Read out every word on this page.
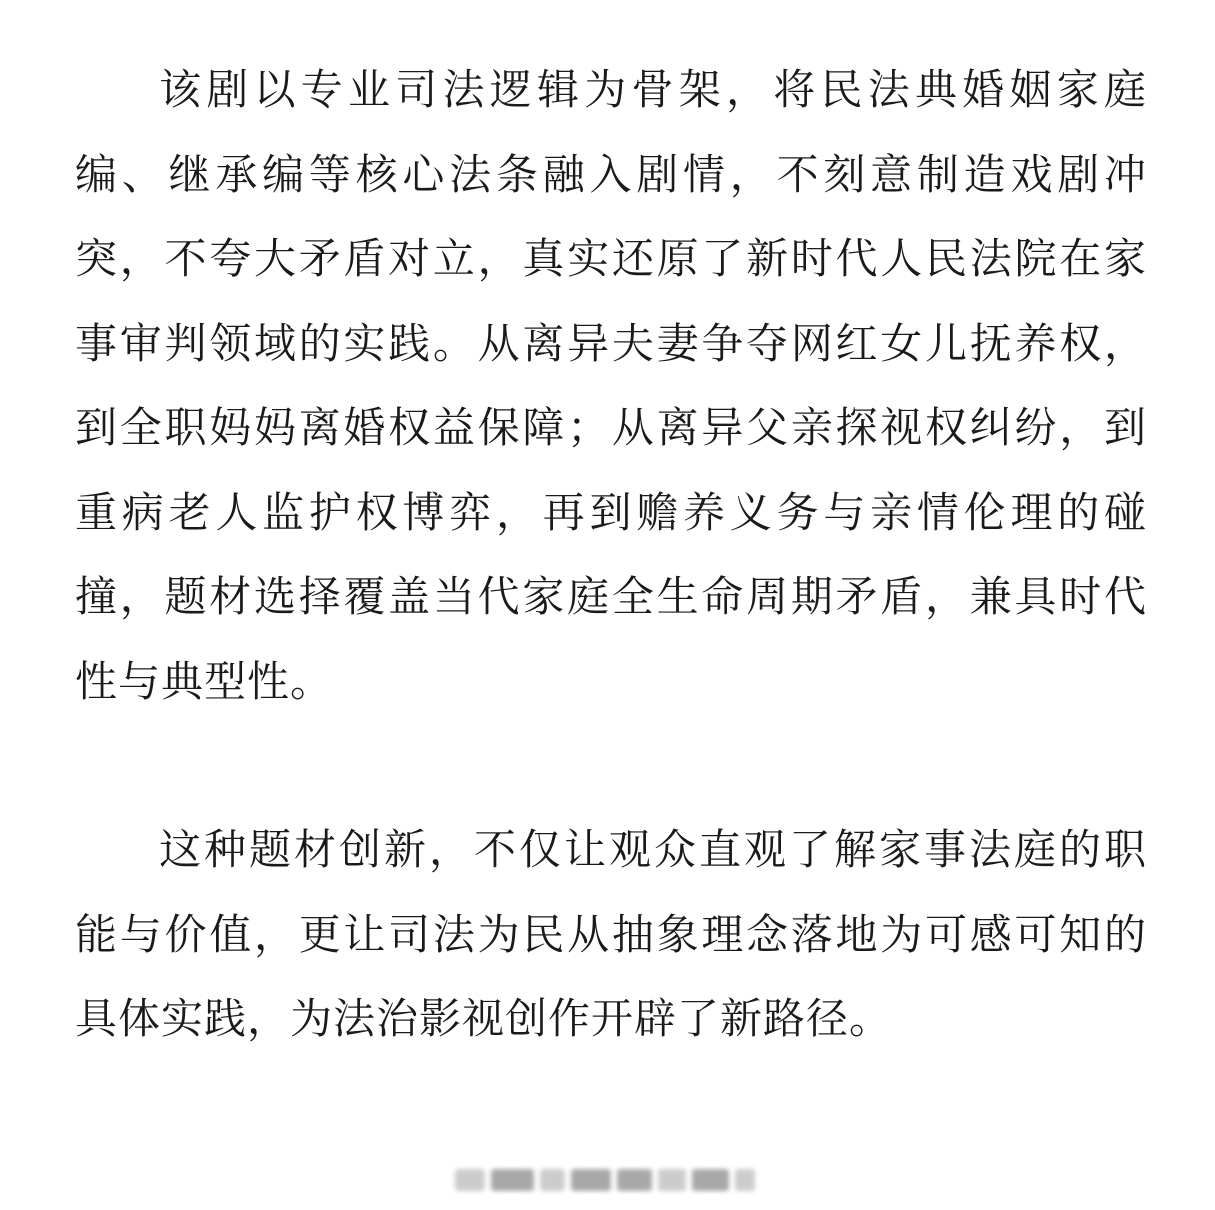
该剧以专业司法逻辑为骨架，将民法典婚姻家庭编、继承编等核心法条融入剧情，不刻意制造戏剧冲突，不夸大矛盾对立，真实还原了新时代人民法院在家事审判领域的实践。从离异夫妻争夺网红女儿抚养权，到全职妈妈离婚权益保障；从离异父亲探视权纠纷，到重病老人监护权博弈，再到赡养义务与亲情伦理的碰撞，题材选择覆盖当代家庭全生命周期矛盾，兼具时代性与典型性。

这种题材创新，不仅让观众直观了解家事法庭的职能与价值，更让司法为民从抽象理念落地为可感可知的具体实践，为法治影视创作开辟了新路径。
